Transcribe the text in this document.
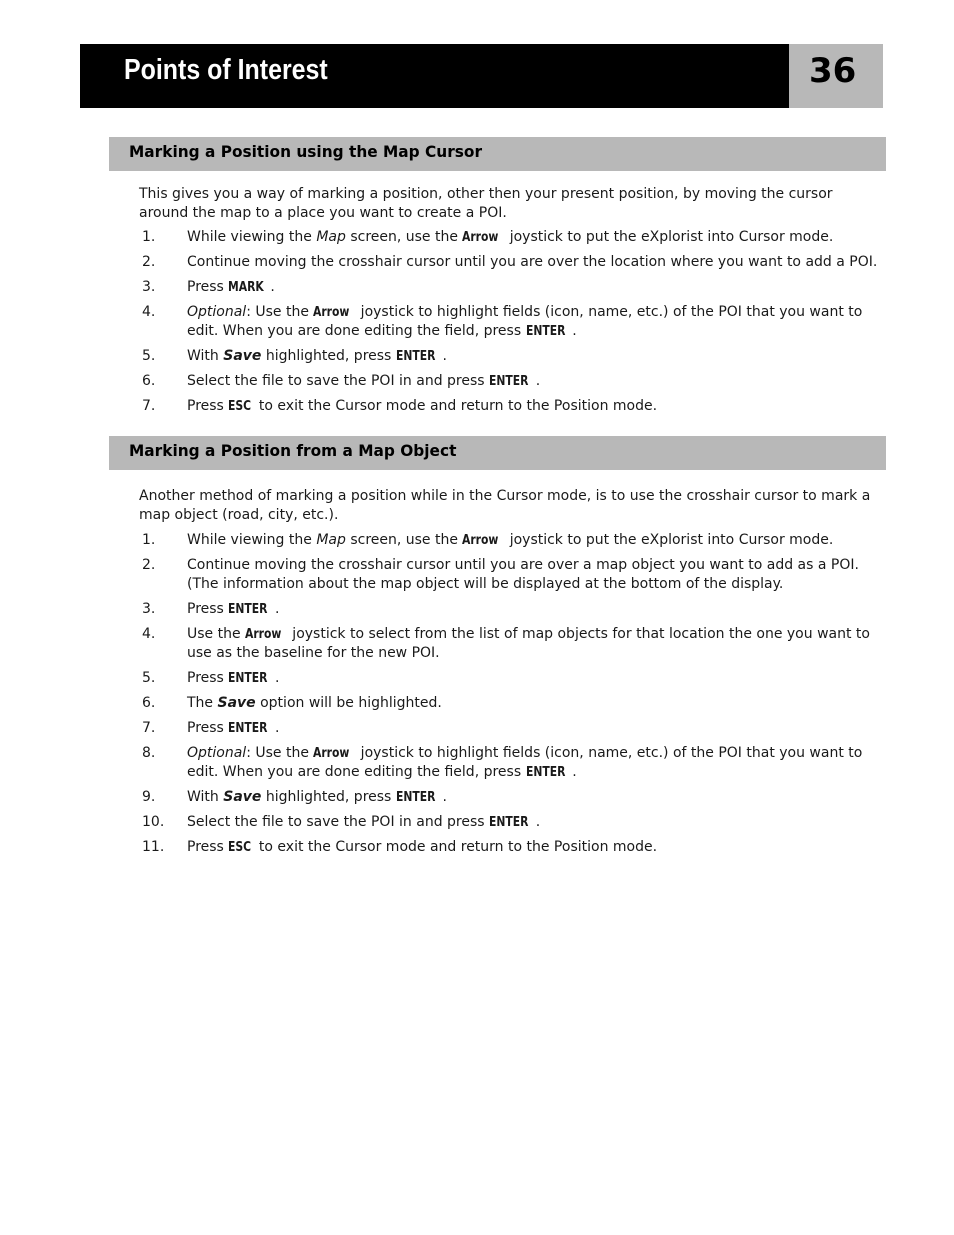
Points of Interest	36
Marking a Position using the Map Cursor
This gives you a way of marking a position, other then your present position, by moving the cursor around the map to a place you want to create a POI.
1. While viewing the Map screen, use the Arrow joystick to put the eXplorist into Cursor mode.
2. Continue moving the crosshair cursor until you are over the location where you want to add a POI.
3. Press MARK .
4. Optional: Use the Arrow joystick to highlight fields (icon, name, etc.) of the POI that you want to edit. When you are done editing the field, press ENTER .
5. With Save highlighted, press ENTER .
6. Select the file to save the POI in and press ENTER .
7. Press ESC to exit the Cursor mode and return to the Position mode.
Marking a Position from a Map Object
Another method of marking a position while in the Cursor mode, is to use the crosshair cursor to mark a map object (road, city, etc.).
1. While viewing the Map screen, use the Arrow joystick to put the eXplorist into Cursor mode.
2. Continue moving the crosshair cursor until you are over a map object you want to add as a POI. (The information about the map object will be displayed at the bottom of the display.
3. Press ENTER .
4. Use the Arrow joystick to select from the list of map objects for that location the one you want to use as the baseline for the new POI.
5. Press ENTER .
6. The Save option will be highlighted.
7. Press ENTER .
8. Optional: Use the Arrow joystick to highlight fields (icon, name, etc.) of the POI that you want to edit. When you are done editing the field, press ENTER .
9. With Save highlighted, press ENTER .
10. Select the file to save the POI in and press ENTER .
11. Press ESC to exit the Cursor mode and return to the Position mode.
